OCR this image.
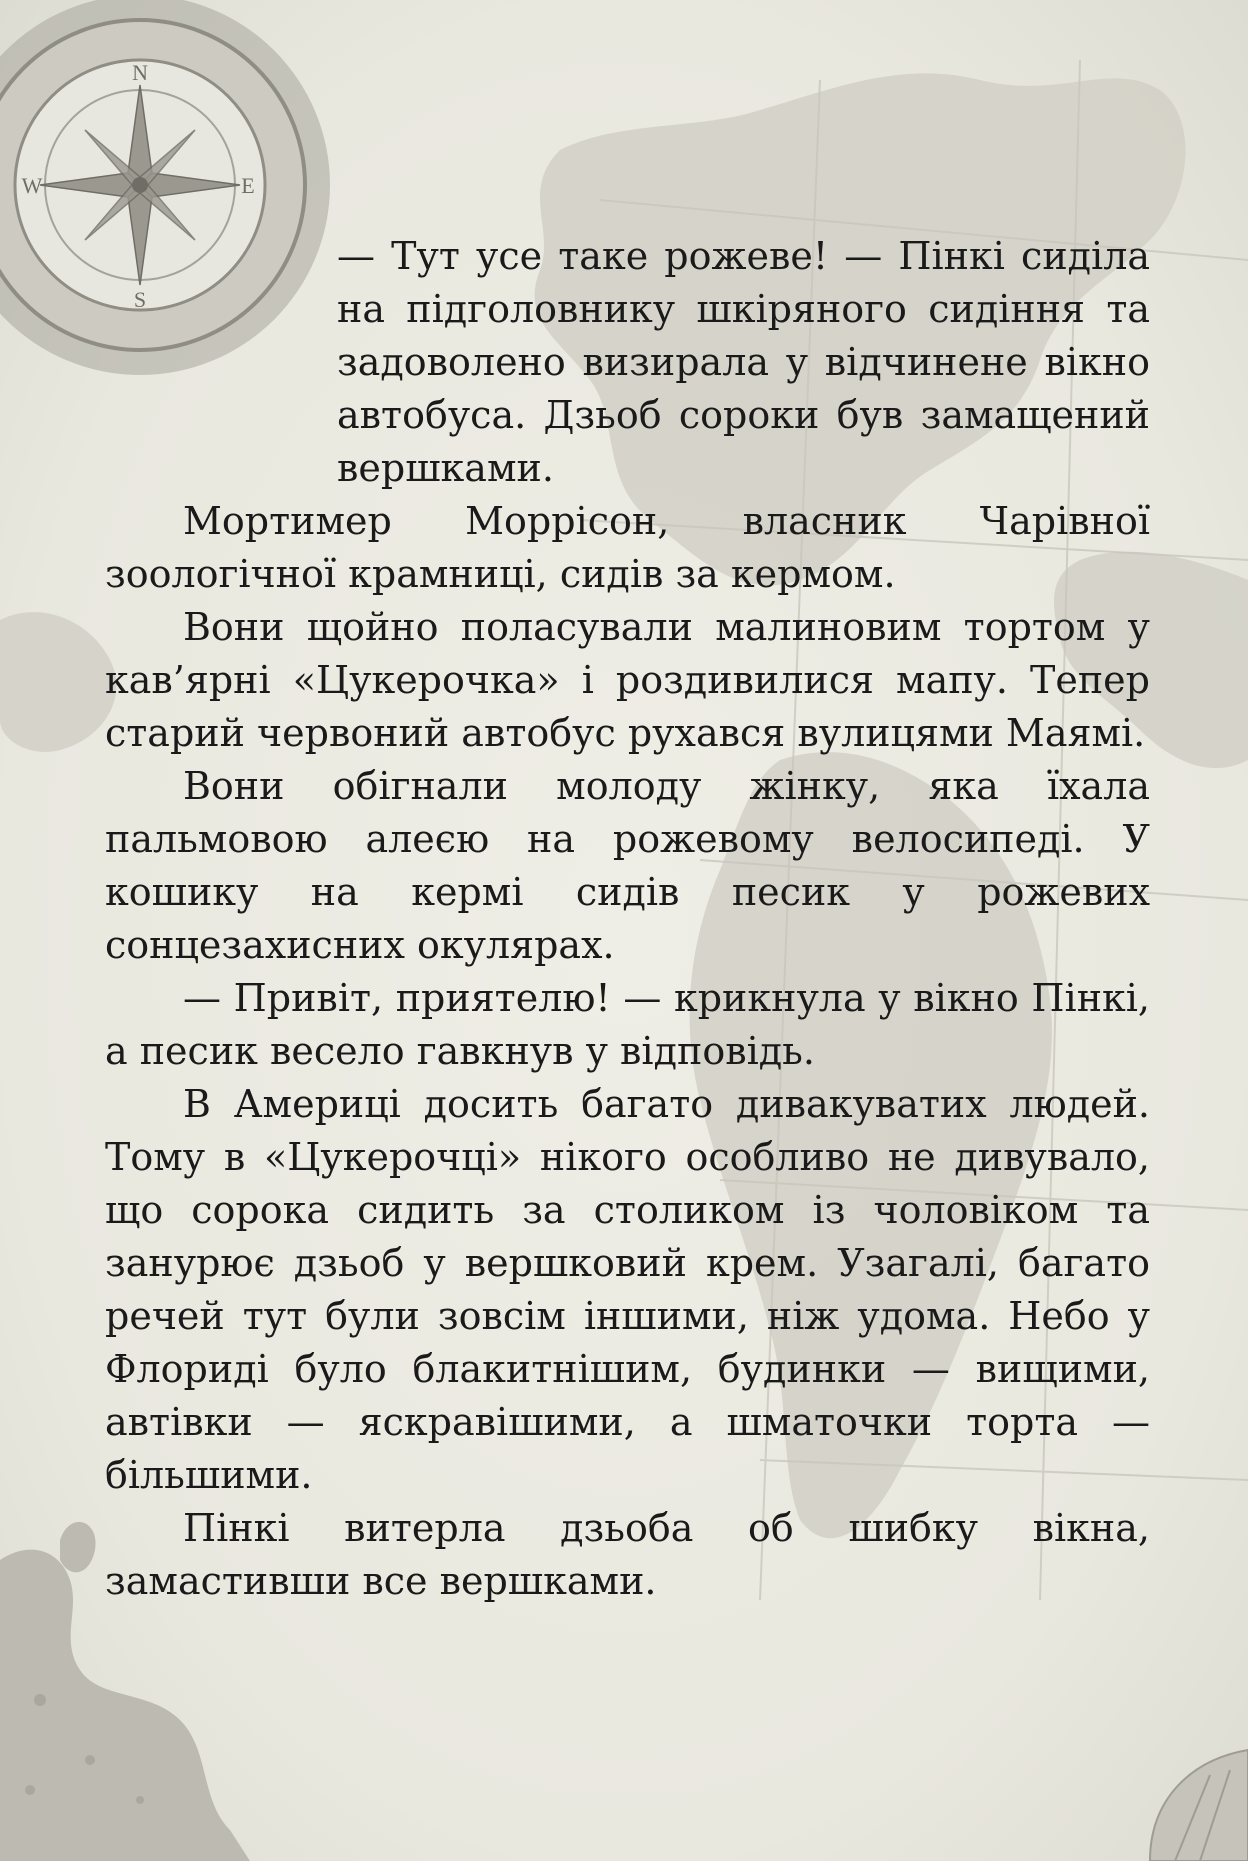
N
S
E
W

— Тут усе таке рожеве! — Пінкі сиділа на підголовнику шкіряного сидіння та задоволено визирала у відчинене вікно автобуса. Дзьоб сороки був замащений вершками.

Мортимер Моррісон, власник Чарівної зоологічної крамниці, сидів за кермом.

Вони щойно поласували малиновим тортом у кав’ярні «Цукерочка» і роздивилися мапу. Тепер старий червоний автобус рухався вулицями Маямі.

Вони обігнали молоду жінку, яка їхала пальмовою алеєю на рожевому велосипеді. У кошику на кермі сидів песик у рожевих сонцезахисних окулярах.

— Привіт, приятелю! — крикнула у вікно Пінкі, а песик весело гавкнув у відповідь.

В Америці досить багато дивакуватих людей. Тому в «Цукерочці» нікого особливо не дивувало, що сорока сидить за столиком із чоловіком та занурює дзьоб у вершковий крем. Узагалі, багато речей тут були зовсім іншими, ніж удома. Небо у Флориді було блакитнішим, будинки — вищими, автівки — яскравішими, а шматочки торта — більшими.

Пінкі витерла дзьоба об шибку вікна, замастивши все вершками.
